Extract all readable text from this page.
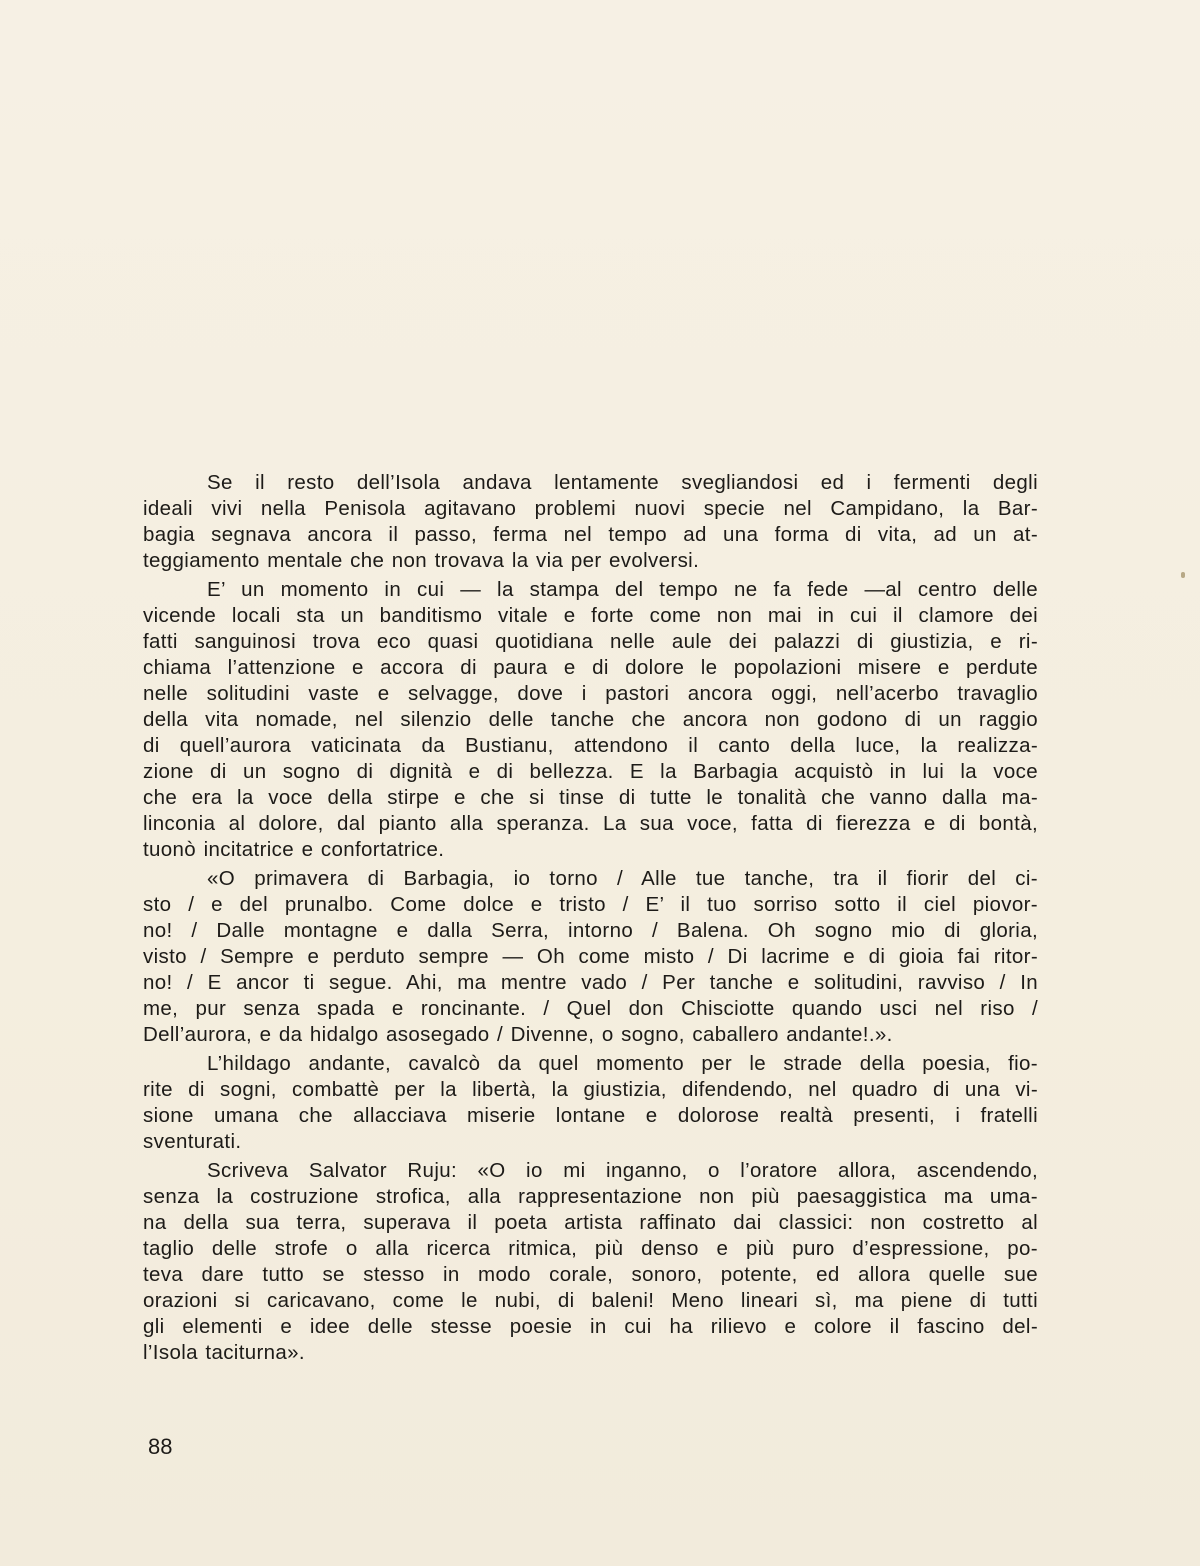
Se il resto dell’Isola andava lentamente svegliandosi ed i fermenti degli
ideali vivi nella Penisola agitavano problemi nuovi specie nel Campidano, la Bar-
bagia segnava ancora il passo, ferma nel tempo ad una forma di vita, ad un at-
teggiamento mentale che non trovava la via per evolversi.
E’ un momento in cui — la stampa del tempo ne fa fede —al centro delle
vicende locali sta un banditismo vitale e forte come non mai in cui il clamore dei
fatti sanguinosi trova eco quasi quotidiana nelle aule dei palazzi di giustizia, e ri-
chiama l’attenzione e accora di paura e di dolore le popolazioni misere e perdute
nelle solitudini vaste e selvagge, dove i pastori ancora oggi, nell’acerbo travaglio
della vita nomade, nel silenzio delle tanche che ancora non godono di un raggio
di quell’aurora vaticinata da Bustianu, attendono il canto della luce, la realizza-
zione di un sogno di dignità e di bellezza. E la Barbagia acquistò in lui la voce
che era la voce della stirpe e che si tinse di tutte le tonalità che vanno dalla ma-
linconia al dolore, dal pianto alla speranza. La sua voce, fatta di fierezza e di bontà,
tuonò incitatrice e confortatrice.
«O primavera di Barbagia, io torno / Alle tue tanche, tra il fiorir del ci-
sto / e del prunalbo. Come dolce e tristo / E’ il tuo sorriso sotto il ciel piovor-
no! / Dalle montagne e dalla Serra, intorno / Balena. Oh sogno mio di gloria,
visto / Sempre e perduto sempre — Oh come misto / Di lacrime e di gioia fai ritor-
no! / E ancor ti segue. Ahi, ma mentre vado / Per tanche e solitudini, ravviso / In
me, pur senza spada e roncinante. / Quel don Chisciotte quando usci nel riso /
Dell’aurora, e da hidalgo asosegado / Divenne, o sogno, caballero andante!.».
L’hildago andante, cavalcò da quel momento per le strade della poesia, fio-
rite di sogni, combattè per la libertà, la giustizia, difendendo, nel quadro di una vi-
sione umana che allacciava miserie lontane e dolorose realtà presenti, i fratelli
sventurati.
Scriveva Salvator Ruju: «O io mi inganno, o l’oratore allora, ascendendo,
senza la costruzione strofica, alla rappresentazione non più paesaggistica ma uma-
na della sua terra, superava il poeta artista raffinato dai classici: non costretto al
taglio delle strofe o alla ricerca ritmica, più denso e più puro d’espressione, po-
teva dare tutto se stesso in modo corale, sonoro, potente, ed allora quelle sue
orazioni si caricavano, come le nubi, di baleni! Meno lineari sì, ma piene di tutti
gli elementi e idee delle stesse poesie in cui ha rilievo e colore il fascino del-
l’Isola taciturna».
88
